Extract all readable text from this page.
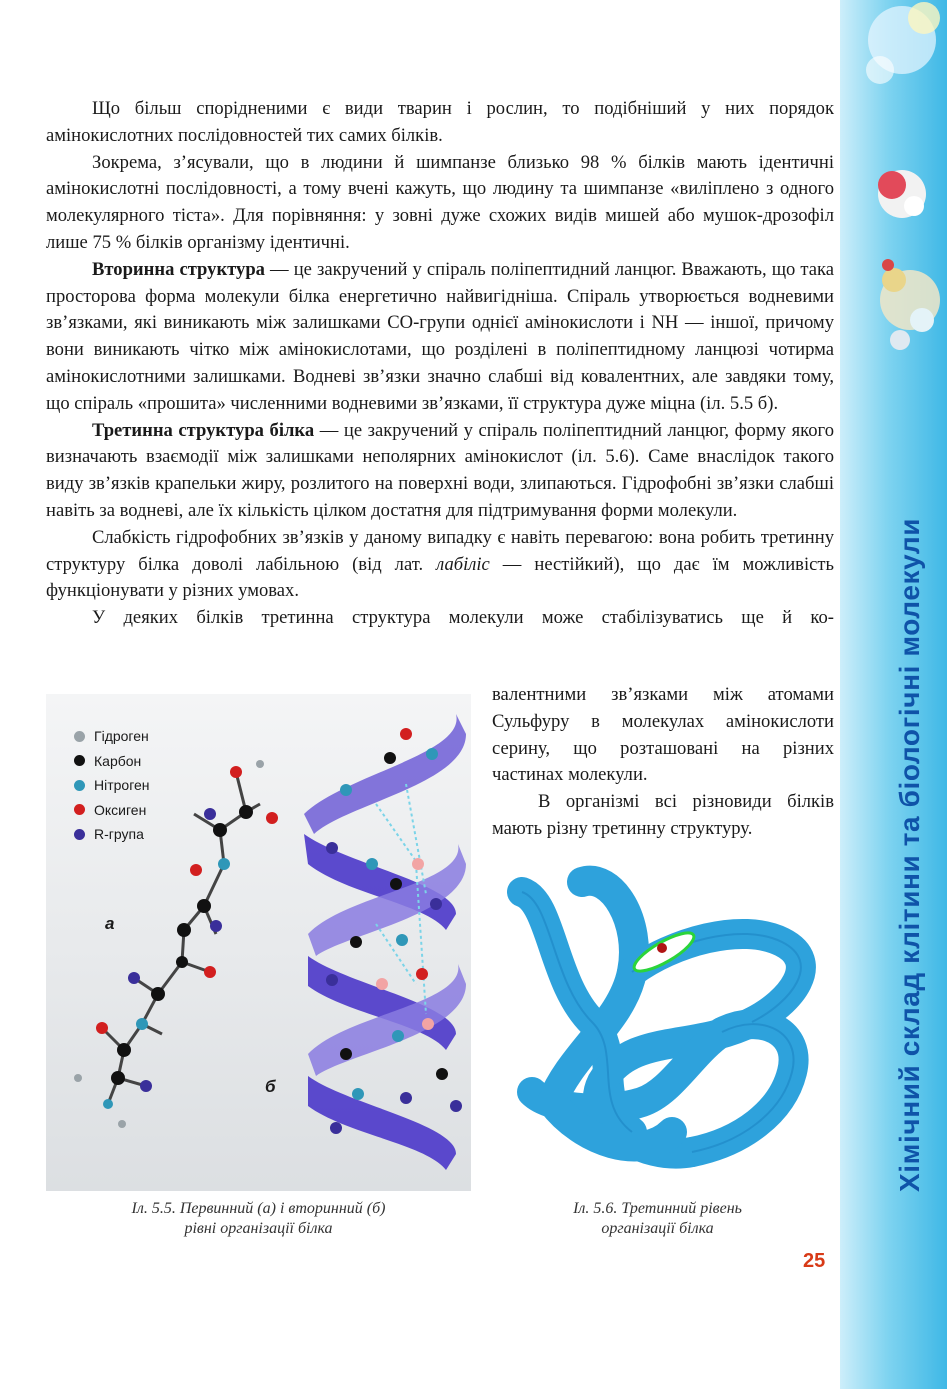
Хімічний склад клітини та біологічні молекули

Що більш спорідненими є види тварин і рослин, то подібніший у них порядок амінокислотних послідовностей тих самих білків.

Зокрема, з’ясували, що в людини й шимпанзе близько 98 % білків мають ідентичні амінокислотні послідовності, а тому вчені кажуть, що людину та шимпанзе «виліплено з одного молекулярного тіста». Для порівняння: у зовні дуже схожих видів мишей або мушок-дрозофіл лише 75 % білків організму ідентичні.

Вторинна структура — це закручений у спіраль поліпептидний ланцюг. Вважають, що така просторова форма молекули білка енергетично найвигідніша. Спіраль утворюється водневими зв’язками, які виникають між залишками СО-групи однієї амінокислоти і NH — іншої, причому вони виникають чітко між амінокислотами, що розділені в поліпептидному ланцюзі чотирма амінокислотними залишками. Водневі зв’язки значно слабші від ковалентних, але завдяки тому, що спіраль «прошита» численними водневими зв’язками, її структура дуже міцна (іл. 5.5 б).

Третинна структура білка — це закручений у спіраль поліпептидний ланцюг, форму якого визначають взаємодії між залишками неполярних амінокислот (іл. 5.6). Саме внаслідок такого виду зв’язків крапельки жиру, розлитого на поверхні води, злипаються. Гідрофобні зв’язки слабші навіть за водневі, але їх кількість цілком достатня для підтримування форми молекули.

Слабкість гідрофобних зв’язків у даному випадку є навіть перевагою: вона робить третинну структуру білка доволі лабільною (від лат. лабіліс — нестійкий), що дає їм можливість функціонувати у різних умовах.

У деяких білків третинна структура молекули може стабілізуватись ще й ко-

валентними зв’язками між атомами Сульфуру в молекулах амінокислоти серину, що розташовані на різних частинах молекули.

В організмі всі різновиди білків мають різну третинну структуру.

Гідроген
Карбон
Нітроген
Оксиген
R-група
а
б
Іл. 5.5. Первинний (а) і вторинний (б)
рівні організації білка
Іл. 5.6. Третинний рівень
організації білка
25
